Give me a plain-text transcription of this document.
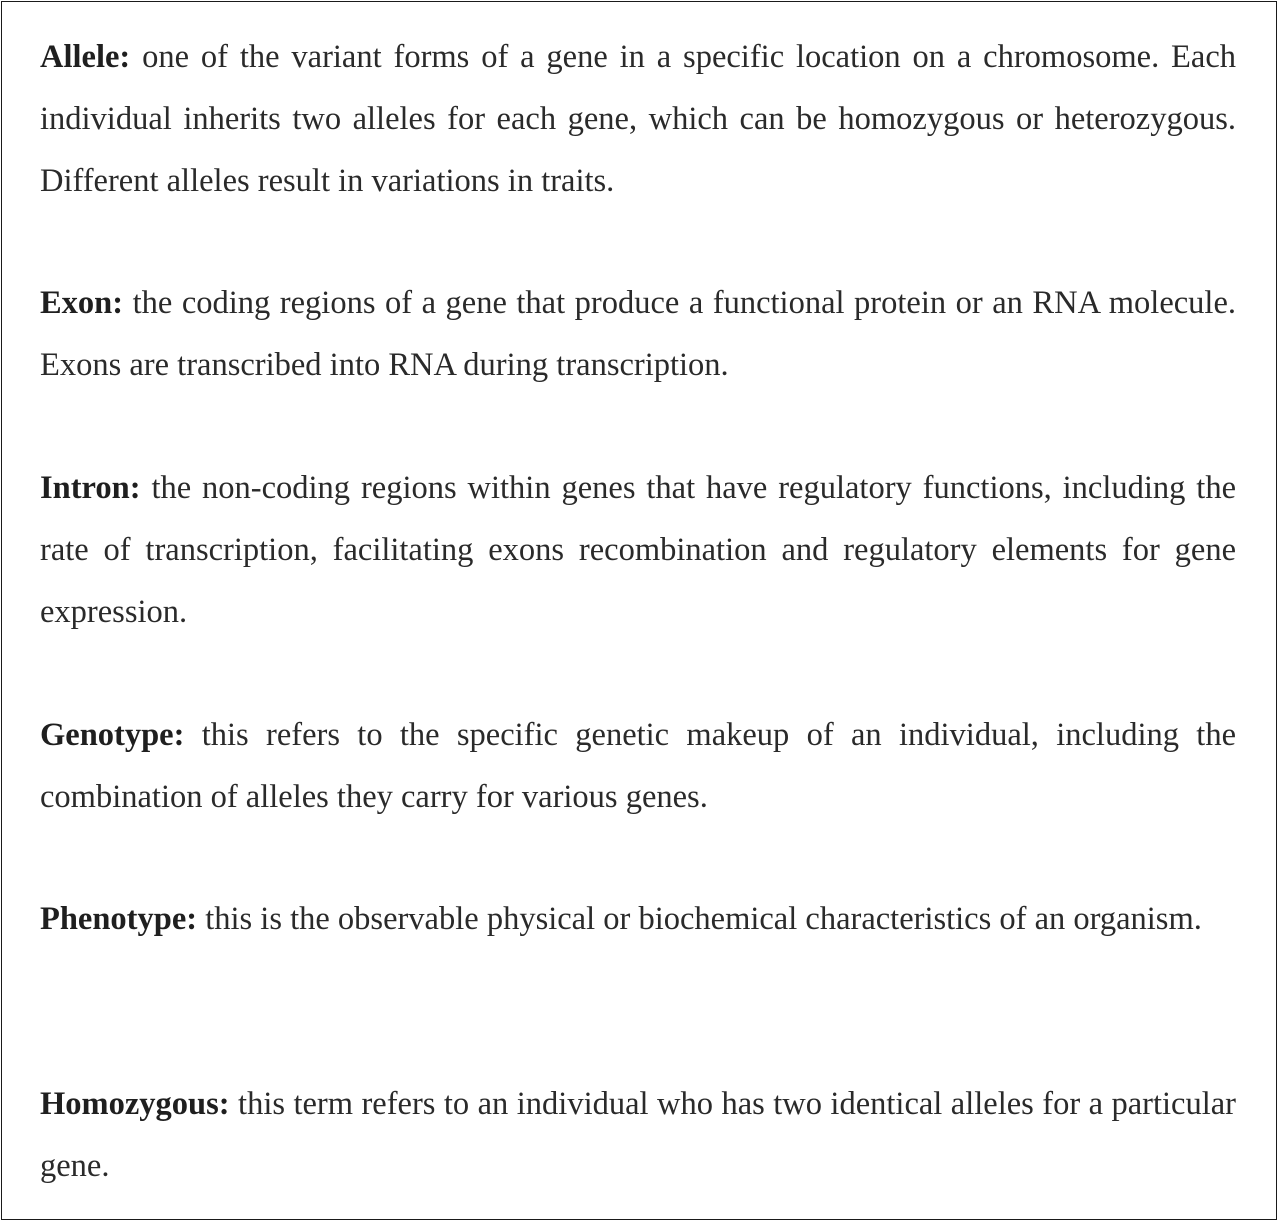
Allele: one of the variant forms of a gene in a specific location on a chromosome. Each individual inherits two alleles for each gene, which can be homozygous or heterozygous. Different alleles result in variations in traits.

Exon: the coding regions of a gene that produce a functional protein or an RNA molecule. Exons are transcribed into RNA during transcription.

Intron: the non-coding regions within genes that have regulatory functions, including the rate of transcription, facilitating exons recombination and regulatory elements for gene expression.

Genotype: this refers to the specific genetic makeup of an individual, including the combination of alleles they carry for various genes.

Phenotype: this is the observable physical or biochemical characteristics of an organism.

Homozygous: this term refers to an individual who has two identical alleles for a particular gene.
